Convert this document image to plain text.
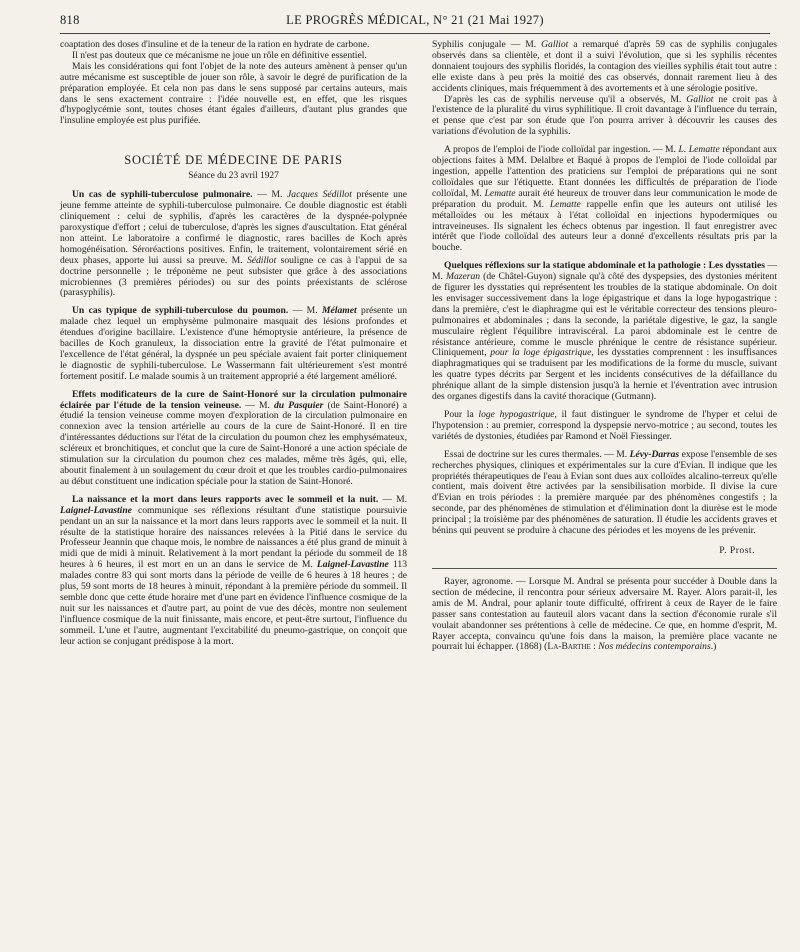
818	LE PROGRÈS MÉDICAL, N° 21 (21 Mai 1927)

coaptation des doses d'insuline et de la teneur de la ration en hydrate de carbone.

Il n'est pas douteux que ce mécanisme ne joue un rôle en définitive essentiel.

Mais les considérations qui font l'objet de la note des auteurs amènent à penser qu'un autre mécanisme est susceptible de jouer son rôle, à savoir le degré de purification de la préparation employée. Et cela non pas dans le sens supposé par certains auteurs, mais dans le sens exactement contraire : l'idée nouvelle est, en effet, que les risques d'hypoglycémie sont, toutes choses étant égales d'ailleurs, d'autant plus grandes que l'insuline employée est plus purifiée.

SOCIÉTÉ DE MÉDECINE DE PARIS
Séance du 23 avril 1927

Un cas de syphili-tuberculose pulmonaire. — M. Jacques Sédillot présente une jeune femme atteinte de syphili-tuberculose pulmonaire. Ce double diagnostic est établi cliniquement : celui de syphilis, d'après les caractères de la dyspnée-polypnée paroxystique d'effort ; celui de tuberculose, d'après les signes d'auscultation. Etat général non atteint. Le laboratoire a confirmé le diagnostic, rares bacilles de Koch après homogénéisation. Séroréactions positives. Enfin, le traitement, volontairement sérié en deux phases, apporte lui aussi sa preuve. M. Sédillot souligne ce cas à l'appui de sa doctrine personnelle ; le tréponème ne peut subsister que grâce à des associations microbiennes (3 premières périodes) ou sur des points préexistants de sclérose (parasyphilis).

Un cas typique de syphili-tuberculose du poumon. — M. Mélamet présente un malade chez lequel un emphysème pulmonaire masquait des lésions profondes et étendues d'origine bacillaire. L'existence d'une hémoptysie antérieure, la présence de bacilles de Koch granuleux, la dissociation entre la gravité de l'état pulmonaire et l'excellence de l'état général, la dyspnée un peu spéciale avaient fait porter cliniquement le diagnostic de syphili-tuberculose. Le Wassermann fait ultérieurement s'est montré fortement positif. Le malade soumis à un traitement approprié a été largement amélioré.

Effets modificateurs de la cure de Saint-Honoré sur la circulation pulmonaire éclairée par l'étude de la tension veineuse. — M. du Pasquier (de Saint-Honoré) a étudié la tension veineuse comme moyen d'exploration de la circulation pulmonaire en connexion avec la tension artérielle au cours de la cure de Saint-Honoré. Il en tire d'intéressantes déductions sur l'état de la circulation du poumon chez les emphysémateux, scléreux et bronchitiques, et conclut que la cure de Saint-Honoré a une action spéciale de stimulation sur la circulation du poumon chez ces malades, même très âgés, qui, elle, aboutit finalement à un soulagement du cœur droit et que les troubles cardio-pulmonaires au début constituent une indication spéciale pour la station de Saint-Honoré.

La naissance et la mort dans leurs rapports avec le sommeil et la nuit. — M. Laignel-Lavastine communique ses réflexions résultant d'une statistique poursuivie pendant un an sur la naissance et la mort dans leurs rapports avec le sommeil et la nuit. Il résulte de la statistique horaire des naissances relevées à la Pitié dans le service du Professeur Jeannin que chaque mois, le nombre de naissances a été plus grand de minuit à midi que de midi à minuit. Relativement à la mort pendant la période du sommeil de 18 heures à 6 heures, il est mort en un an dans le service de M. Laignel-Lavastine 113 malades contre 83 qui sont morts dans la période de veille de 6 heures à 18 heures ; de plus, 59 sont morts de 18 heures à minuit, répondant à la première période du sommeil. Il semble donc que cette étude horaire met d'une part en évidence l'influence cosmique de la nuit sur les naissances et d'autre part, au point de vue des décès, montre non seulement l'influence cosmique de la nuit finissante, mais encore, et peut-être surtout, l'influence du sommeil. L'une et l'autre, augmentant l'excitabilité du pneumo-gastrique, on conçoit que leur action se conjugant prédispose à la mort.

Syphilis conjugale — M. Galliot a remarqué d'après 59 cas de syphilis conjugales observés dans sa clientèle, et dont il a suivi l'évolution, que si les syphilis récentes donnaient toujours des syphilis floridés, la contagion des vieilles syphilis était tout autre : elle existe dans à peu près la moitié des cas observés, donnait rarement lieu à des accidents cliniques, mais fréquemment à des avortements et à une sérologie positive.

D'après les cas de syphilis nerveuse qu'il a observés, M. Galliot ne croit pas à l'existence de la pluralité du virus syphilitique. Il croit davantage à l'influence du terrain, et pense que c'est par son étude que l'on pourra arriver à découvrir les causes des variations d'évolution de la syphilis.

A propos de l'emploi de l'iode colloïdal par ingestion. — M. L. Lematte répondant aux objections faites à MM. Delalbre et Baqué à propos de l'emploi de l'iode colloïdal par ingestion, appelle l'attention des praticiens sur l'emploi de préparations qui ne sont colloïdales que sur l'étiquette. Etant données les difficultés de préparation de l'iode colloïdal, M. Lematte aurait été heureux de trouver dans leur communication le mode de préparation du produit. M. Lematte rappelle enfin que les auteurs ont utilisé les métalloïdes ou les métaux à l'état colloïdal en injections hypodermiques ou intraveineuses. Ils signalent les échecs obtenus par ingestion. Il faut enregistrer avec intérêt que l'iode colloïdal des auteurs leur a donné d'excellents résultats pris par la bouche.

Quelques réflexions sur la statique abdominale et la pathologie : Les dysstaties — M. Mazeran (de Châtel-Guyon) signale qu'à côté des dyspepsies, des dystonies méritent de figurer les dysstaties qui représentent les troubles de la statique abdominale. On doit les envisager successivement dans la loge épigastrique et dans la loge hypogastrique : dans la première, c'est le diaphragme qui est le véritable correcteur des tensions pleuro-pulmonaires et abdominales ; dans la seconde, la pariétale digestive, le gaz, la sangle musculaire règlent l'équilibre intraviscéral. La paroi abdominale est le centre de résistance antérieure, comme le muscle phrénique le centre de résistance supérieur. Cliniquement, pour la loge épigastrique, les dysstaties comprennent : les insuffisances diaphragmatiques qui se traduisent par les modifications de la forme du muscle, suivant les quatre types décrits par Sergent et les incidents consécutives de la défaillance du phrénique allant de la simple distension jusqu'à la hernie et l'éventration avec intrusion des organes digestifs dans la cavité thoracique (Gutmann).

Pour la loge hypogastrique, il faut distinguer le syndrome de l'hyper et celui de l'hypotension : au premier, correspond la dyspepsie nervo-motrice ; au second, toutes les variétés de dystonies, étudiées par Ramond et Noël Fiessinger.

Essai de doctrine sur les cures thermales. — M. Lévy-Darras expose l'ensemble de ses recherches physiques, cliniques et expérimentales sur la cure d'Evian. Il indique que les propriétés thérapeutiques de l'eau à Evian sont dues aux colloïdes alcalino-terreux qu'elle contient, mais doivent être activées par la sensibilisation morbide. Il divise la cure d'Evian en trois périodes : la première marquée par des phénomènes congestifs ; la seconde, par des phénomènes de stimulation et d'élimination dont la diurèse est le mode principal ; la troisième par des phénomènes de saturation. Il étudie les accidents graves et bénins qui peuvent se produire à chacune des périodes et les moyens de les prévenir.

P. Prost.

Rayer, agronome. — Lorsque M. Andral se présenta pour succéder à Double dans la section de médecine, il rencontra pour sérieux adversaire M. Rayer. Alors parait-il, les amis de M. Andral, pour aplanir toute difficulté, offrirent à ceux de Rayer de le faire passer sans contestation au fauteuil alors vacant dans la section d'économie rurale s'il voulait abandonner ses prétentions à celle de médecine. Ce que, en homme d'esprit, M. Rayer accepta, convaincu qu'une fois dans la maison, la première place vacante ne pourrait lui échapper. (1868) (La-Barthe : Nos médecins contemporains.)
